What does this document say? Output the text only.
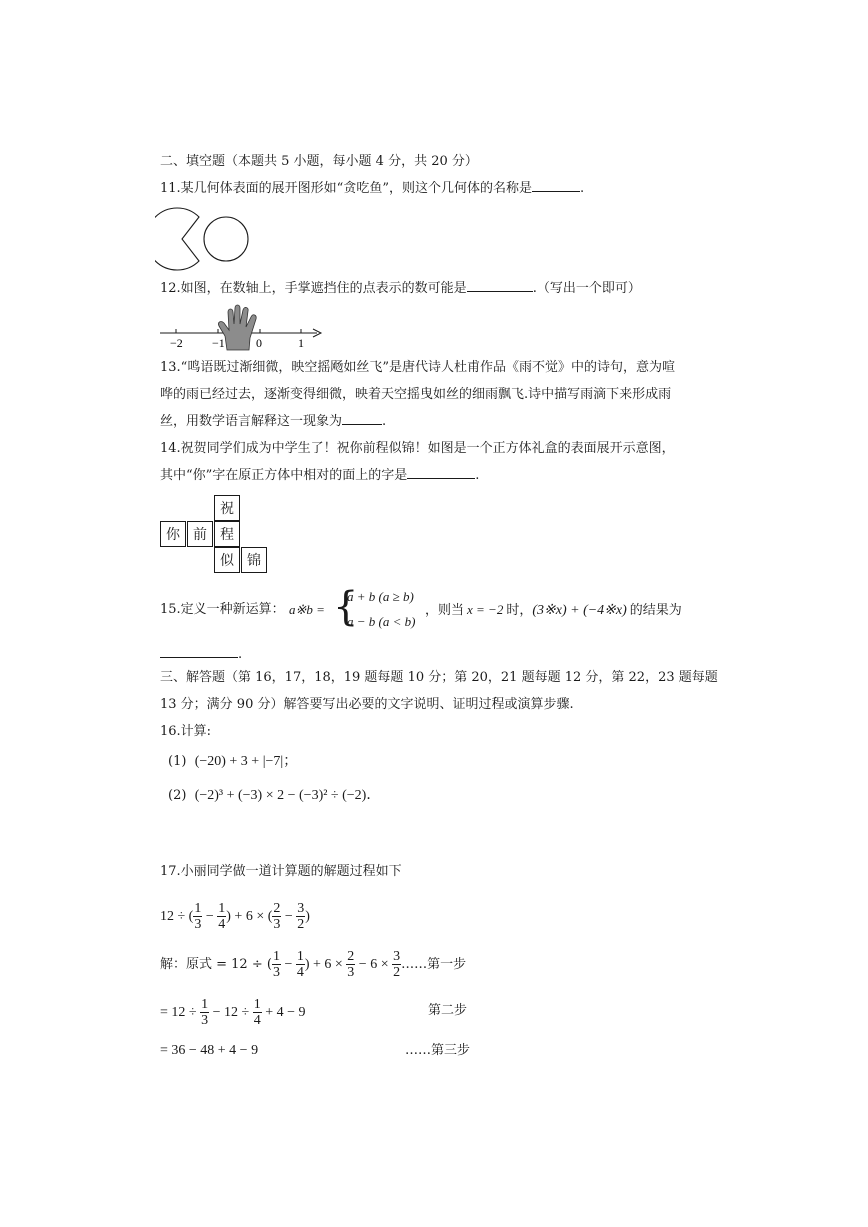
二、填空题（本题共 5 小题，每小题 4 分，共 20 分）
11.某几何体表面的展开图形如“贪吃鱼”，则这个几何体的名称是	.
12.如图，在数轴上，手掌遮挡住的点表示的数可能是	.（写出一个即可）
−2 −1	0	1
13.“鸣语既过渐细微，映空摇飏如丝飞”是唐代诗人杜甫作品《雨不觉》中的诗句，意为喧
哗的雨已经过去，逐渐变得细微，映着天空摇曳如丝的细雨飘飞.诗中描写雨滴下来形成雨
丝，用数学语言解释这一现象为	.
14.祝贺同学们成为中学生了！祝你前程似锦！如图是一个正方体礼盒的表面展开示意图，
其中“你”字在原正方体中相对的面上的字是	.
祝
你 前 程
似 锦
15.定义一种新运算： a※b = {
a + b (a ≥ b)
a − b (a < b)
，则当 x = −2 时，(3※x) + (−4※x) 的结果为
.
三、解答题（第 16，17，18，19 题每题 10 分；第 20，21 题每题 12 分，第 22，23 题每题
13 分；满分 90 分）解答要写出必要的文字说明、证明过程或演算步骤.
16.计算:
(1) (−20) + 3 + |−7|；
(2) (−2)³ + (−3) × 2 − (−3)² ÷ (−2)．
17.小丽同学做一道计算题的解题过程如下
12 ÷ ( $\frac{1}{3} - \frac{1}{4}$ ) + 6 × ( $\frac{2}{3} - \frac{3}{2}$ )
解：原式 = 12 ÷ ( $\frac{1}{3} - \frac{1}{4}$ ) + $6 \times \frac{2}{3} - 6 \times \frac{3}{2}$ ……第一步
= $12 \div \frac{1}{3} - 12 \div \frac{1}{4} + 4 - 9$	第二步
= 36 − 48 + 4 − 9	……第三步
